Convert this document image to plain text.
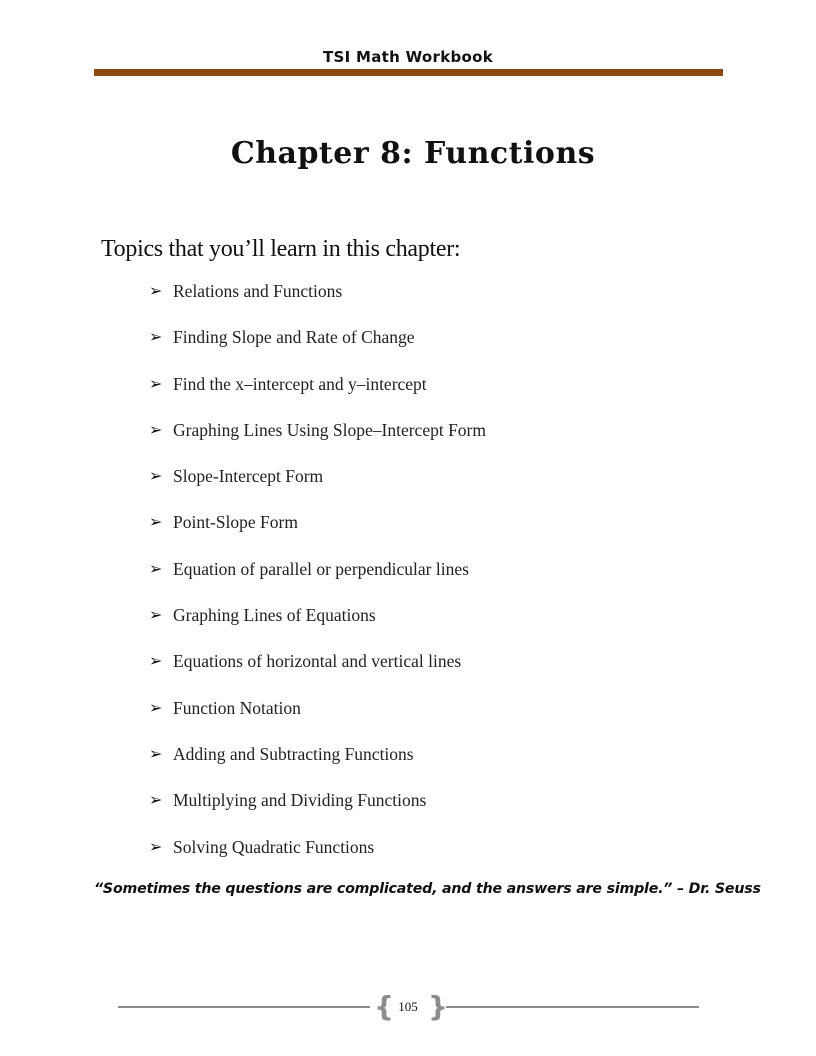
TSI Math Workbook
Chapter 8: Functions
Topics that you’ll learn in this chapter:
➢ Relations and Functions
➢ Finding Slope and Rate of Change
➢ Find the x–intercept and y–intercept
➢ Graphing Lines Using Slope–Intercept Form
➢ Slope-Intercept Form
➢ Point-Slope Form
➢ Equation of parallel or perpendicular lines
➢ Graphing Lines of Equations
➢ Equations of horizontal and vertical lines
➢ Function Notation
➢ Adding and Subtracting Functions
➢ Multiplying and Dividing Functions
➢ Solving Quadratic Functions
“Sometimes the questions are complicated, and the answers are simple.” – Dr. Seuss
{ }
105
